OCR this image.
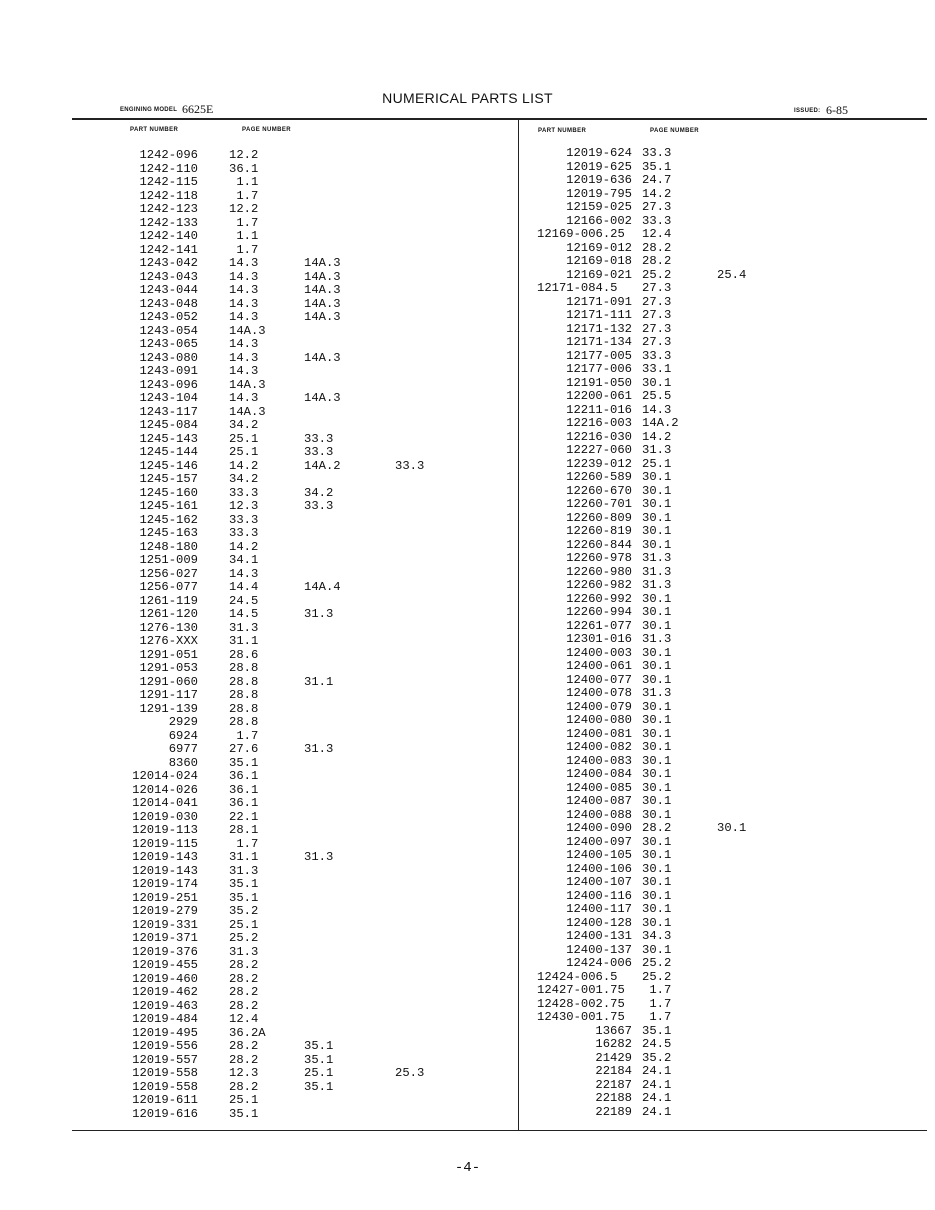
NUMERICAL PARTS LIST
ENGINING MODEL 6625E	ISSUED: 6-85
PART NUMBER	PAGE NUMBER	PART NUMBER	PAGE NUMBER
1242-096	12.2
1242-110	36.1
1242-115	1.1
1242-118	1.7
1242-123	12.2
1242-133	1.7
1242-140	1.1
1242-141	1.7
1243-042	14.3	14A.3
1243-043	14.3	14A.3
1243-044	14.3	14A.3
1243-048	14.3	14A.3
1243-052	14.3	14A.3
1243-054	14A.3
1243-065	14.3
1243-080	14.3	14A.3
1243-091	14.3
1243-096	14A.3
1243-104	14.3	14A.3
1243-117	14A.3
1245-084	34.2
1245-143	25.1	33.3
1245-144	25.1	33.3
1245-146	14.2	14A.2	33.3
1245-157	34.2
1245-160	33.3	34.2
1245-161	12.3	33.3
1245-162	33.3
1245-163	33.3
1248-180	14.2
1251-009	34.1
1256-027	14.3
1256-077	14.4	14A.4
1261-119	24.5
1261-120	14.5	31.3
1276-130	31.3
1276-XXX	31.1
1291-051	28.6
1291-053	28.8
1291-060	28.8	31.1
1291-117	28.8
1291-139	28.8
2929	28.8
6924	1.7
6977	27.6	31.3
8360	35.1
12014-024	36.1
12014-026	36.1
12014-041	36.1
12019-030	22.1
12019-113	28.1
12019-115	1.7
12019-143	31.1	31.3
12019-143	31.3
12019-174	35.1
12019-251	35.1
12019-279	35.2
12019-331	25.1
12019-371	25.2
12019-376	31.3
12019-455	28.2
12019-460	28.2
12019-462	28.2
12019-463	28.2
12019-484	12.4
12019-495	36.2A
12019-556	28.2	35.1
12019-557	28.2	35.1
12019-558	12.3	25.1	25.3
12019-558	28.2	35.1
12019-611	25.1
12019-616	35.1
12019-624 33.3
12019-625 35.1
12019-636 24.7
12019-795 14.2
12159-025 27.3
12166-002 33.3
12169-006.25 12.4
12169-012 28.2
12169-018 28.2
12169-021 25.2	25.4
12171-084.5 27.3
12171-091 27.3
12171-111 27.3
12171-132 27.3
12171-134 27.3
12177-005 33.3
12177-006 33.1
12191-050 30.1
12200-061 25.5
12211-016 14.3
12216-003 14A.2
12216-030 14.2
12227-060 31.3
12239-012 25.1
12260-589 30.1
12260-670 30.1
12260-701 30.1
12260-809 30.1
12260-819 30.1
12260-844 30.1
12260-978 31.3
12260-980 31.3
12260-982 31.3
12260-992 30.1
12260-994 30.1
12261-077 30.1
12301-016 31.3
12400-003 30.1
12400-061 30.1
12400-077 30.1
12400-078 31.3
12400-079 30.1
12400-080 30.1
12400-081 30.1
12400-082 30.1
12400-083 30.1
12400-084 30.1
12400-085 30.1
12400-087 30.1
12400-088 30.1
12400-090 28.2	30.1
12400-097 30.1
12400-105 30.1
12400-106 30.1
12400-107 30.1
12400-116 30.1
12400-117 30.1
12400-128 30.1
12400-131 34.3
12400-137 30.1
12424-006 25.2
12424-006.5 25.2
12427-001.75 1.7
12428-002.75 1.7
12430-001.75 1.7
13667 35.1
16282 24.5
21429 35.2
22184 24.1
22187 24.1
22188 24.1
22189 24.1
-4-
